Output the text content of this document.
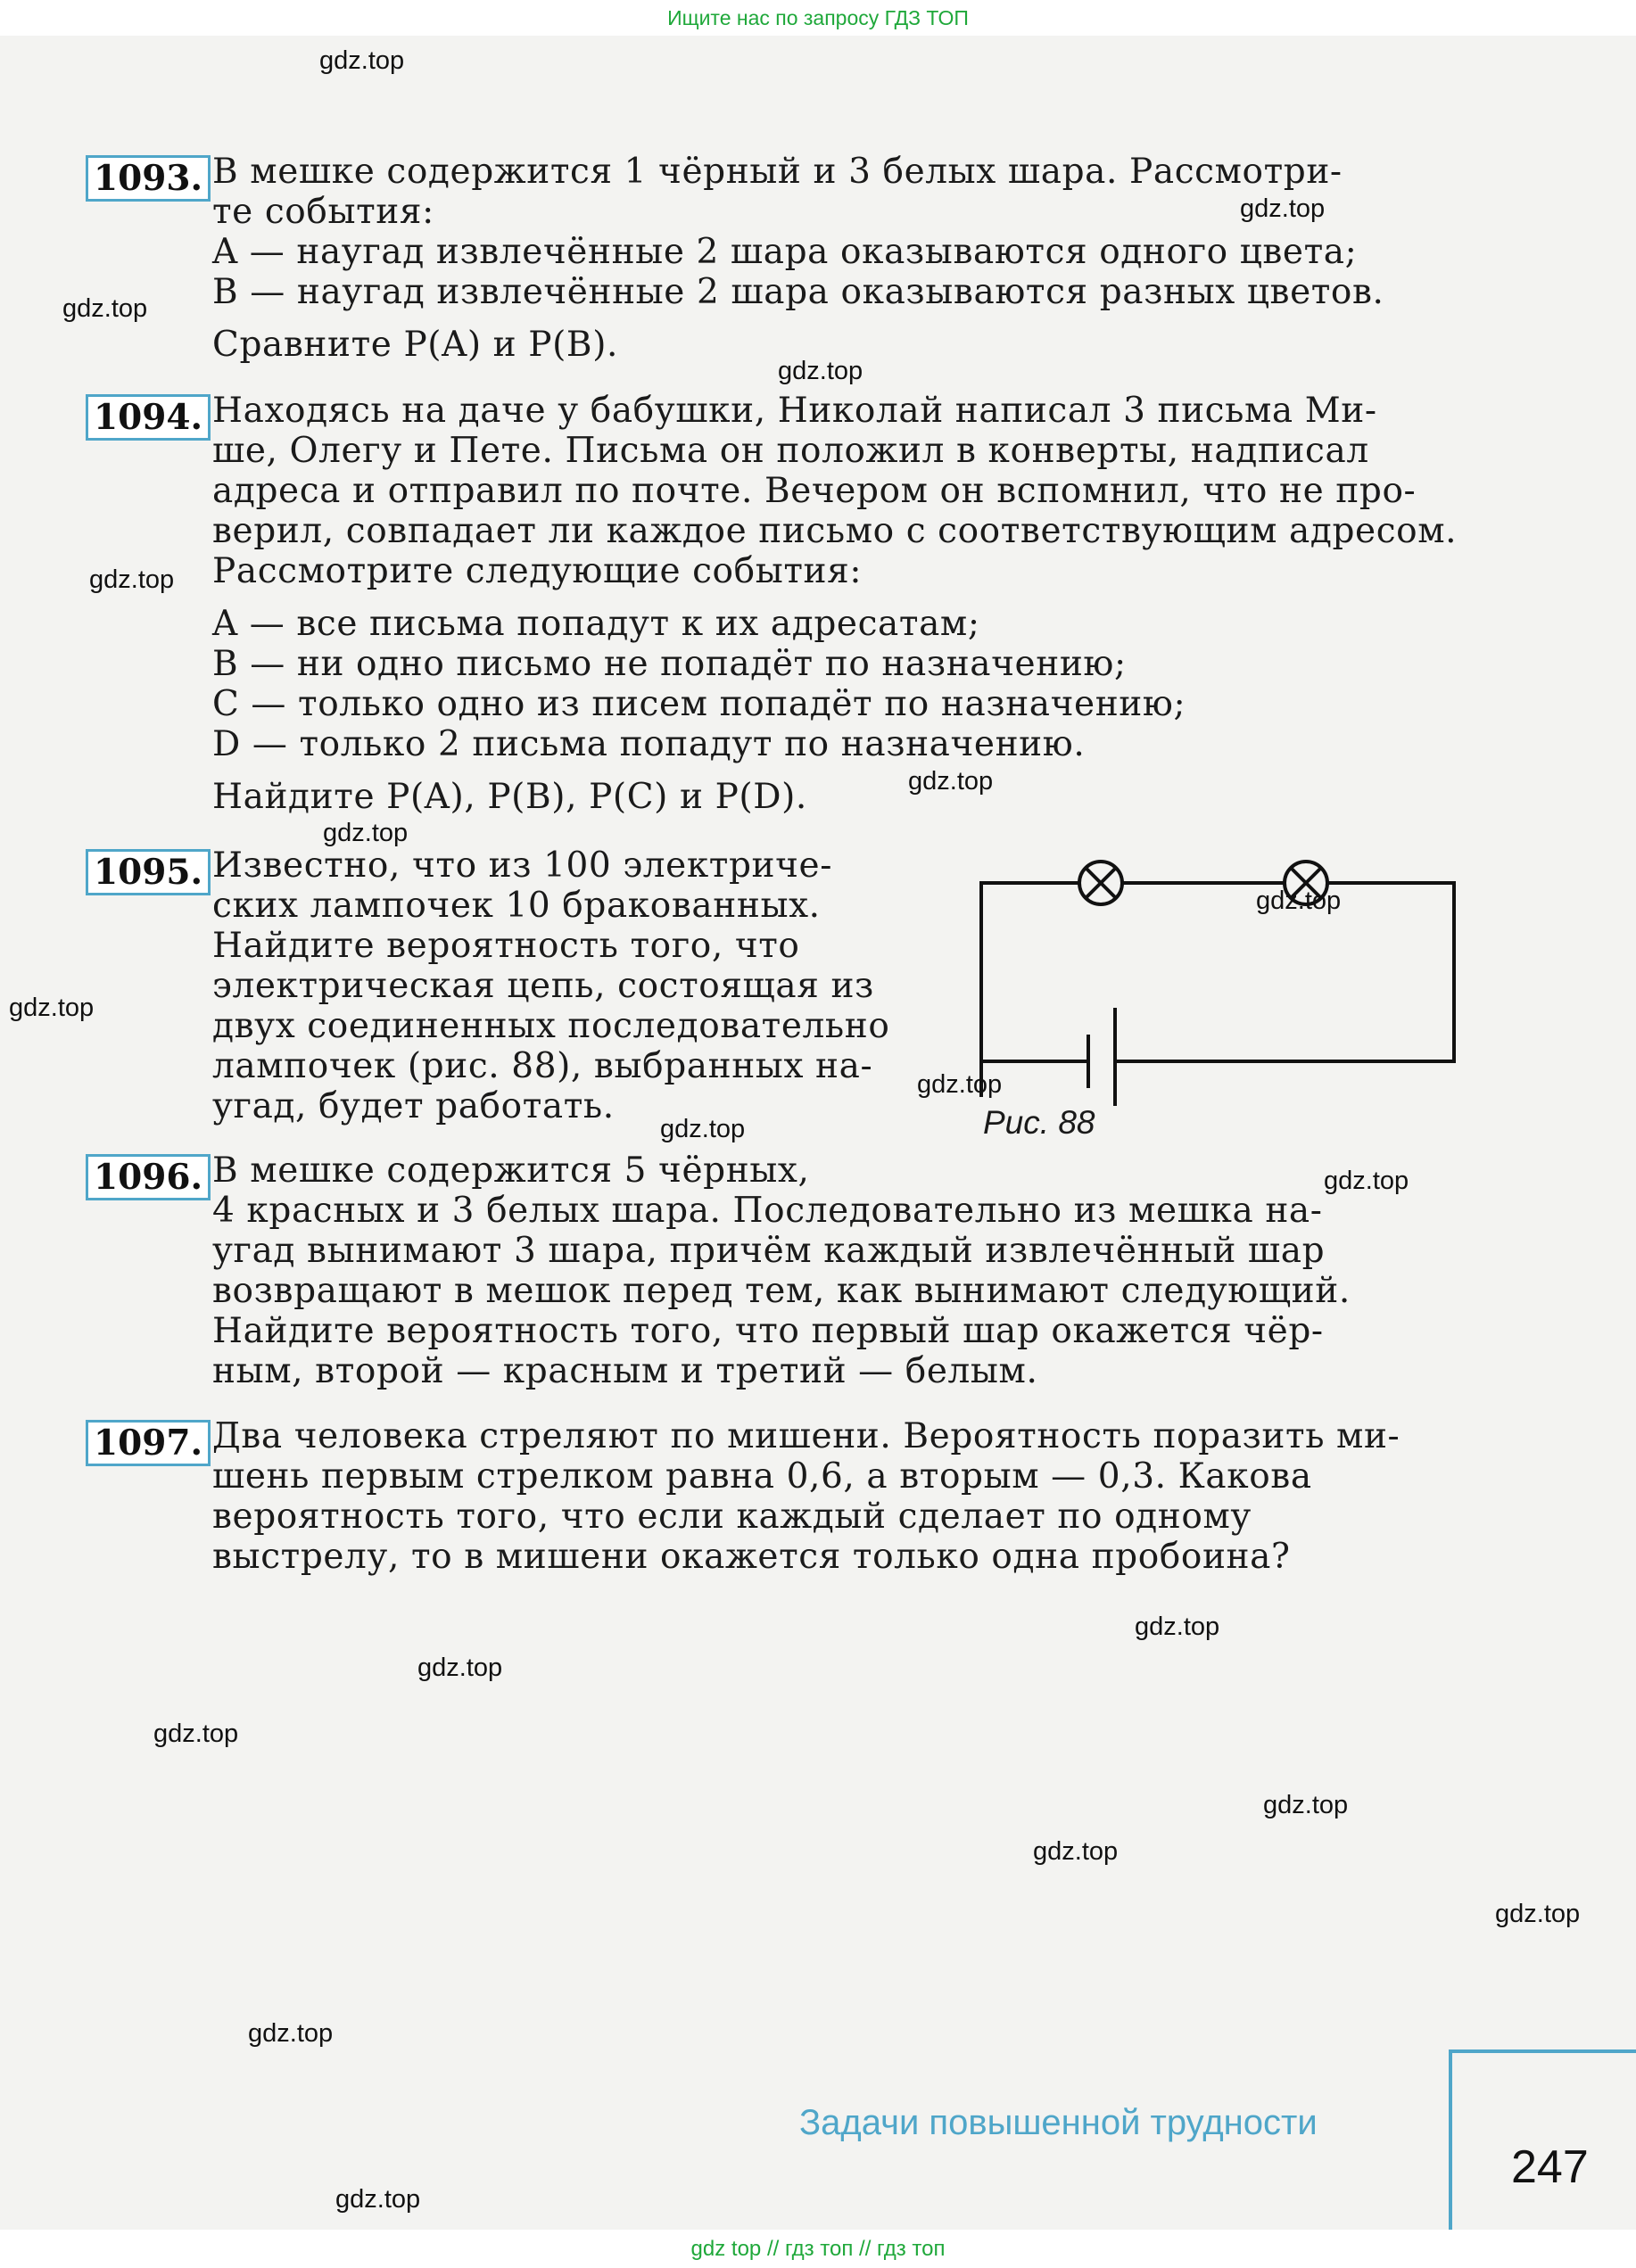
Ищите нас по запросу ГДЗ ТОП
1093. В мешке содержится 1 чёрный и 3 белых шара. Рассмотри-
те события:
A — наугад извлечённые 2 шара оказываются одного цвета;
B — наугад извлечённые 2 шара оказываются разных цветов.
Сравните P(A) и P(B).
1094. Находясь на даче у бабушки, Николай написал 3 письма Ми-
ше, Олегу и Пете. Письма он положил в конверты, надписал
адреса и отправил по почте. Вечером он вспомнил, что не про-
верил, совпадает ли каждое письмо с соответствующим адресом.
Рассмотрите следующие события:
A — все письма попадут к их адресатам;
B — ни одно письмо не попадёт по назначению;
C — только одно из писем попадёт по назначению;
D — только 2 письма попадут по назначению.
Найдите P(A), P(B), P(C) и P(D).
1095. Известно, что из 100 электриче-
ских лампочек 10 бракованных.
Найдите вероятность того, что
электрическая цепь, состоящая из
двух соединенных последовательно
лампочек (рис. 88), выбранных на-
угад, будет работать.	Рис. 88
1096. В мешке содержится 5 чёрных,
4 красных и 3 белых шара. Последовательно из мешка на-
угад вынимают 3 шара, причём каждый извлечённый шар
возвращают в мешок перед тем, как вынимают следующий.
Найдите вероятность того, что первый шар окажется чёр-
ным, второй — красным и третий — белым.
1097. Два человека стреляют по мишени. Вероятность поразить ми-
шень первым стрелком равна 0,6, а вторым — 0,3. Какова
вероятность того, что если каждый сделает по одному
выстрелу, то в мишени окажется только одна пробоина?
Задачи повышенной трудности
247
gdz.top
gdz.top
gdz.top
gdz.top
gdz.top
gdz.top
gdz.top
gdz.top
gdz.top
gdz.top
gdz.top
gdz.top
gdz.top
gdz.top
gdz.top
gdz.top
gdz.top
gdz.top
gdz.top
gdz.top
gdz top // гдз топ // гдз топ
